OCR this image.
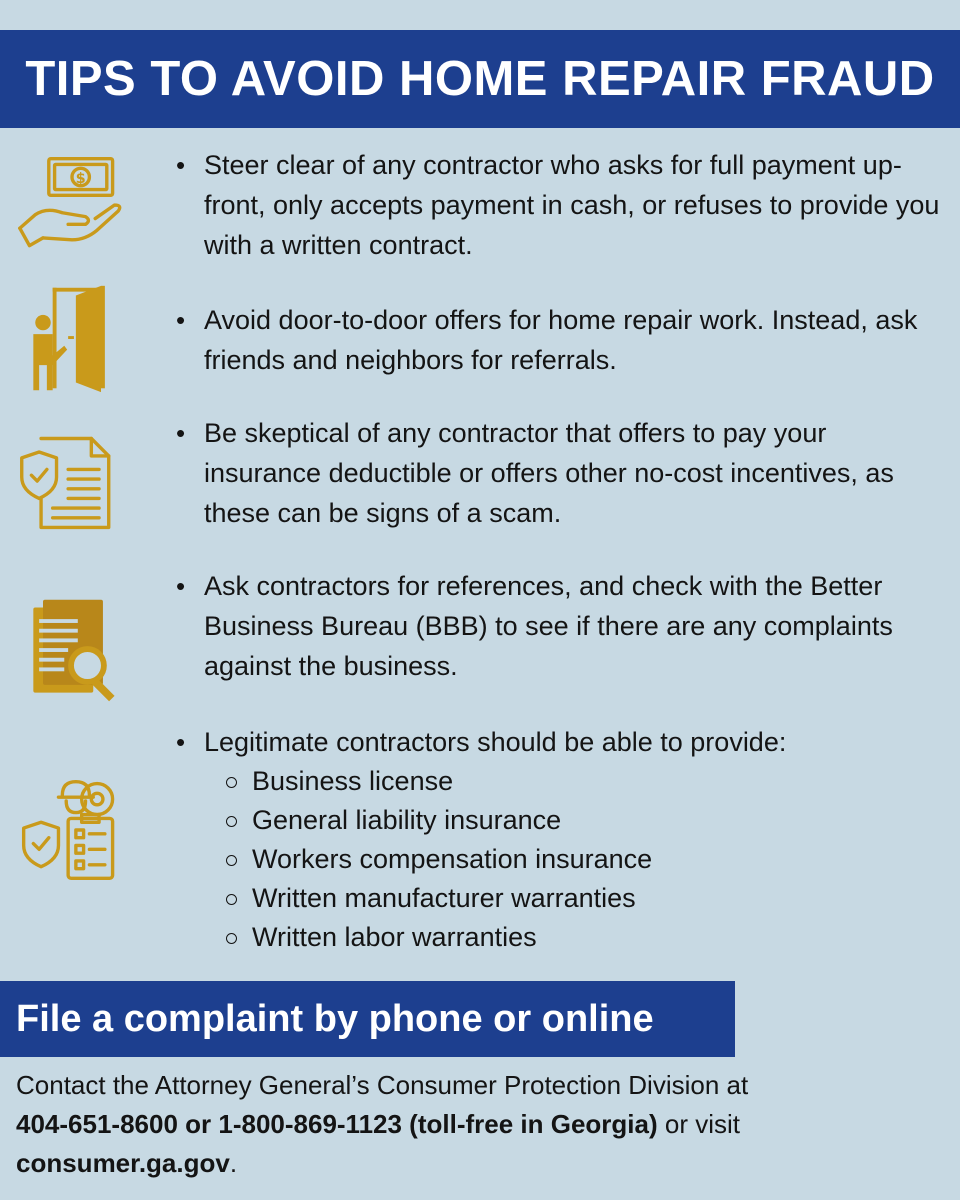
TIPS TO AVOID HOME REPAIR FRAUD
$	• Steer clear of any contractor who asks for full payment up-front, only accepts payment in cash, or refuses to provide you with a written contract.

• Avoid door-to-door offers for home repair work. Instead, ask friends and neighbors for referrals.

• Be skeptical of any contractor that offers to pay your insurance deductible or offers other no-cost incentives, as these can be signs of a scam.

• Ask contractors for references, and check with the Better Business Bureau (BBB) to see if there are any complaints against the business.

• Legitimate contractors should be able to provide:

Business license
General liability insurance
Workers compensation insurance
Written manufacturer warranties
Written labor warranties
File a complaint by phone or online
Contact the Attorney General’s Consumer Protection Division at
404-651-8600 or 1-800-869-1123 (toll-free in Georgia) or visit
consumer.ga.gov.
